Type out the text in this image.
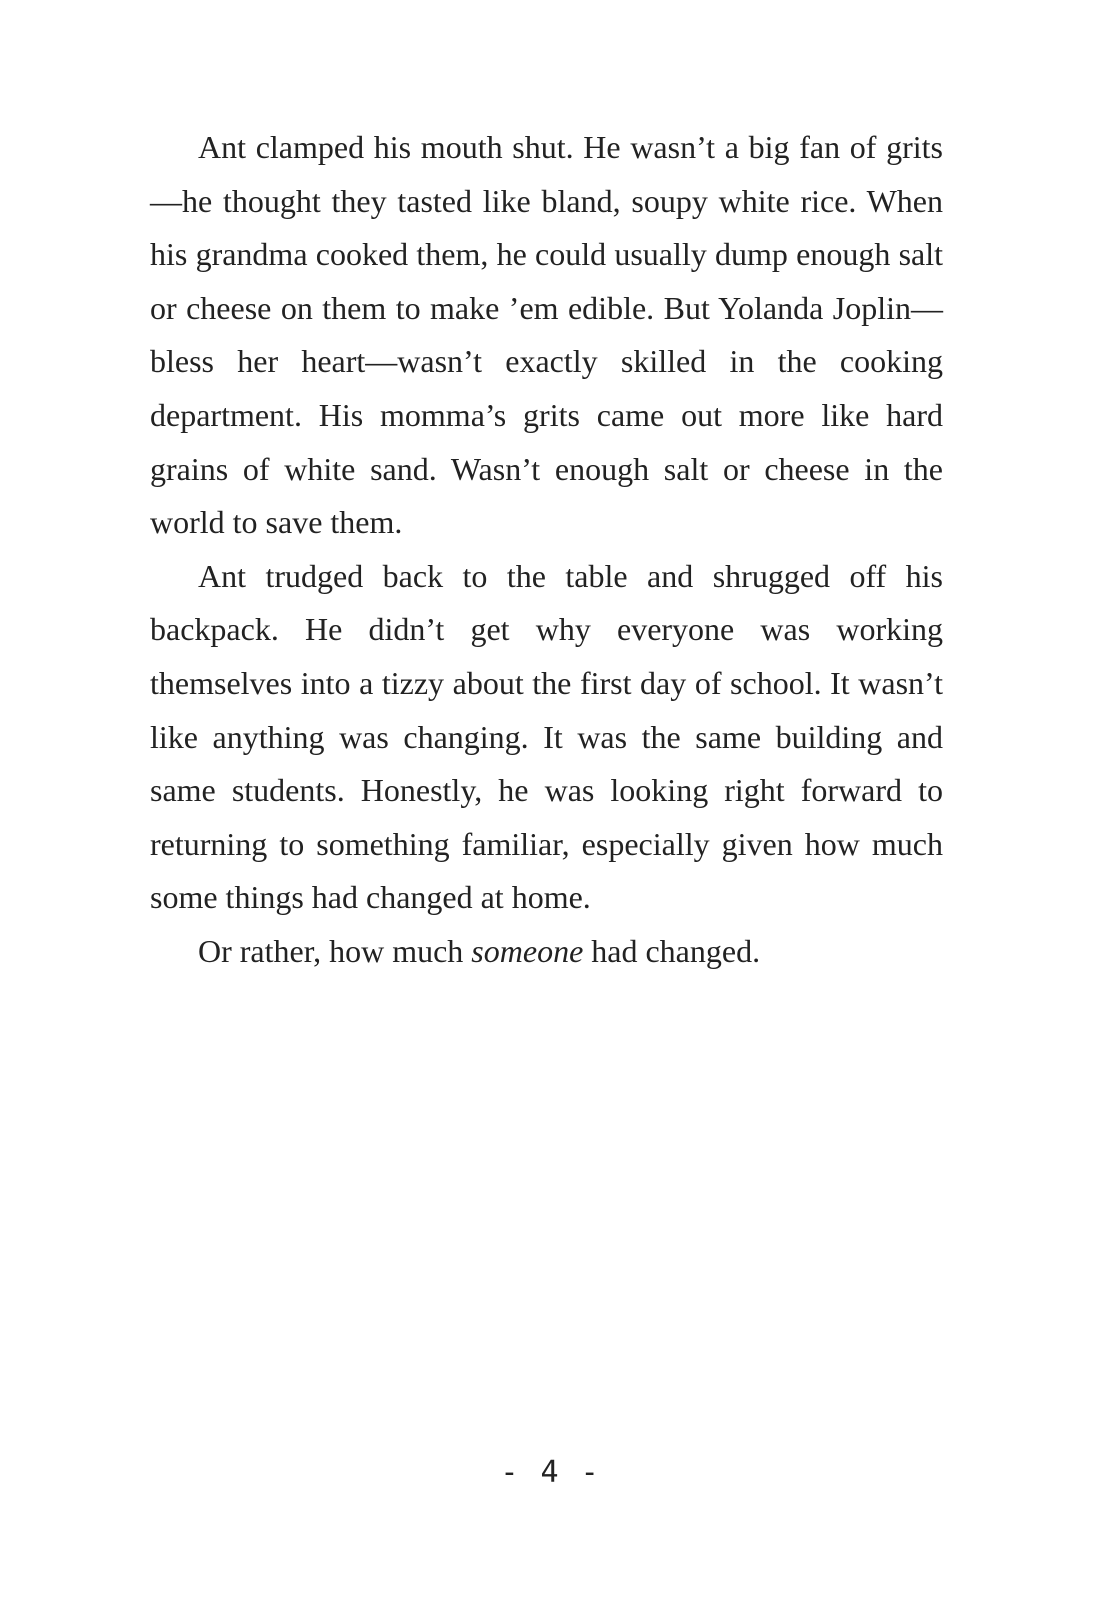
Ant clamped his mouth shut. He wasn’t a big fan of grits—he thought they tasted like bland, soupy white rice. When his grandma cooked them, he could usually dump enough salt or cheese on them to make ’em edible. But Yolanda Joplin—bless her heart—wasn’t exactly skilled in the cooking department. His momma’s grits came out more like hard grains of white sand. Wasn’t enough salt or cheese in the world to save them.

Ant trudged back to the table and shrugged off his backpack. He didn’t get why everyone was working themselves into a tizzy about the first day of school. It wasn’t like anything was changing. It was the same building and same students. Honestly, he was looking right forward to returning to something familiar, especially given how much some things had changed at home.

Or rather, how much someone had changed.

- 4 -
